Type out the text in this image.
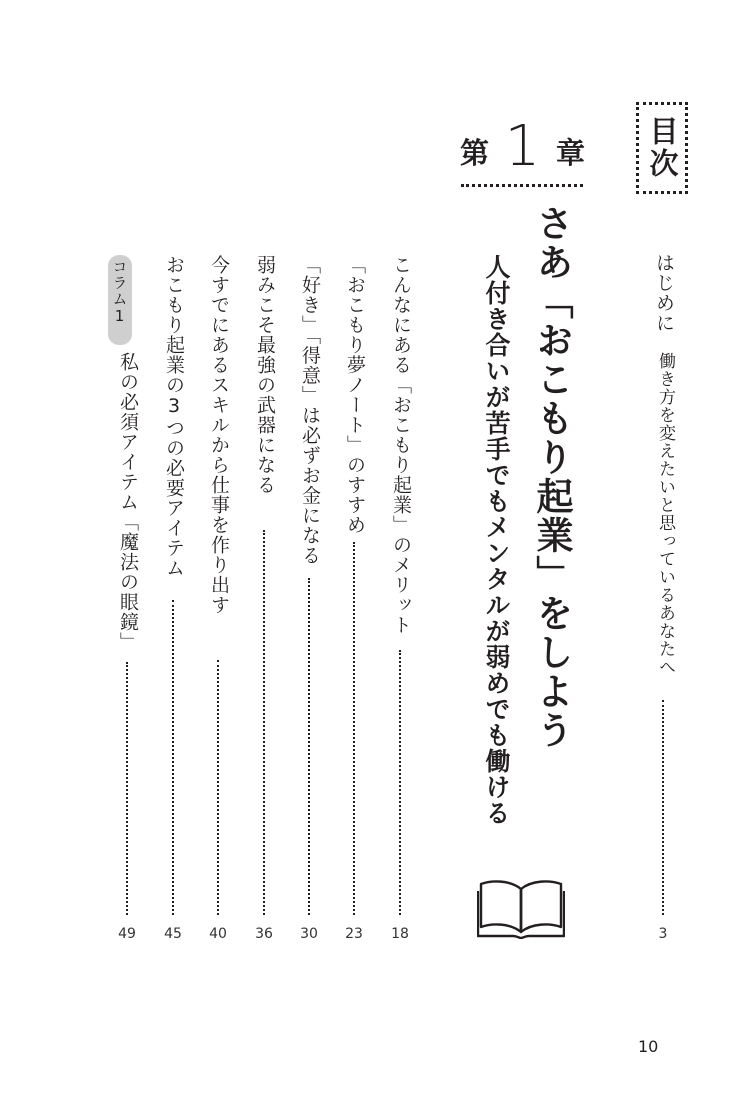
目次
はじめに
働き方を変えたいと思っているあなたへ
3
第 1 章
さあ「おこもり起業」をしよう
人付き合いが苦手でもメンタルが弱めでも働ける
こんなにある「おこもり起業」のメリット
18
「おこもり夢ノート」のすすめ
23
「好き」「得意」は必ずお金になる
30
弱みこそ最強の武器になる
36
今すでにあるスキルから仕事を作り出す
40
おこもり起業の3つの必要アイテム
45
コラム1
私の必須アイテム「魔法の眼鏡」
49
10
